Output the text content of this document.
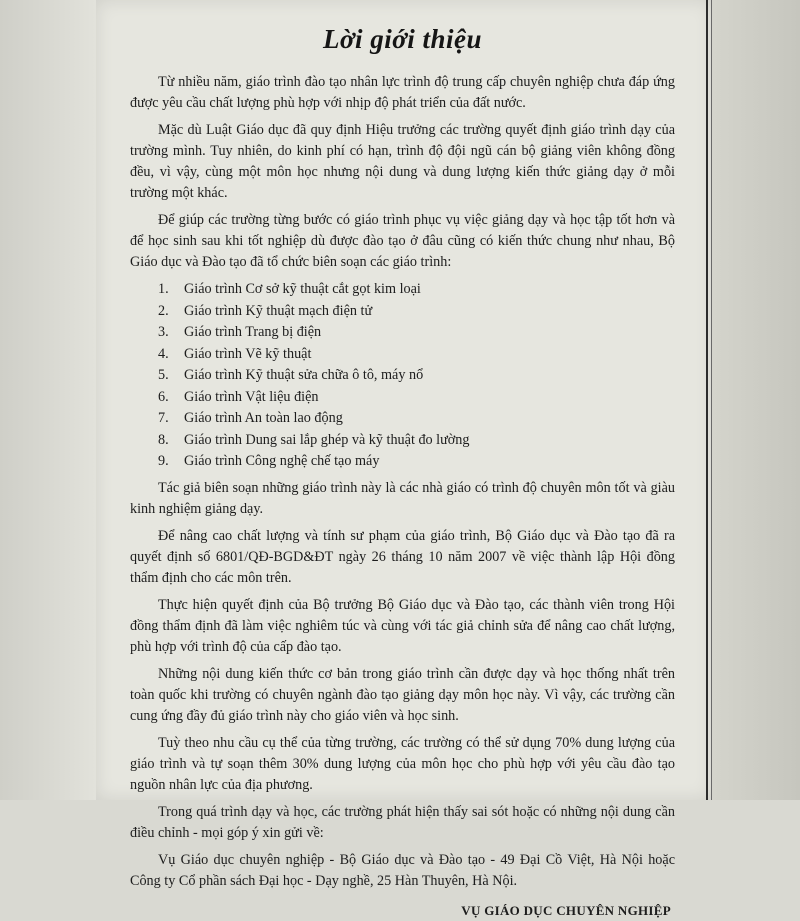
Lời giới thiệu

Từ nhiều năm, giáo trình đào tạo nhân lực trình độ trung cấp chuyên nghiệp chưa đáp ứng được yêu cầu chất lượng phù hợp với nhịp độ phát triển của đất nước.

Mặc dù Luật Giáo dục đã quy định Hiệu trưởng các trường quyết định giáo trình dạy của trường mình. Tuy nhiên, do kinh phí có hạn, trình độ đội ngũ cán bộ giảng viên không đồng đều, vì vậy, cùng một môn học nhưng nội dung và dung lượng kiến thức giảng dạy ở mỗi trường một khác.

Để giúp các trường từng bước có giáo trình phục vụ việc giảng dạy và học tập tốt hơn và để học sinh sau khi tốt nghiệp dù được đào tạo ở đâu cũng có kiến thức chung như nhau, Bộ Giáo dục và Đào tạo đã tổ chức biên soạn các giáo trình:

1. Giáo trình Cơ sở kỹ thuật cắt gọt kim loại
2. Giáo trình Kỹ thuật mạch điện tử
3. Giáo trình Trang bị điện
4. Giáo trình Vẽ kỹ thuật
5. Giáo trình Kỹ thuật sửa chữa ô tô, máy nổ
6. Giáo trình Vật liệu điện
7. Giáo trình An toàn lao động
8. Giáo trình Dung sai lắp ghép và kỹ thuật đo lường
9. Giáo trình Công nghệ chế tạo máy

Tác giả biên soạn những giáo trình này là các nhà giáo có trình độ chuyên môn tốt và giàu kinh nghiệm giảng dạy.

Để nâng cao chất lượng và tính sư phạm của giáo trình, Bộ Giáo dục và Đào tạo đã ra quyết định số 6801/QĐ-BGD&ĐT ngày 26 tháng 10 năm 2007 về việc thành lập Hội đồng thẩm định cho các môn trên.

Thực hiện quyết định của Bộ trưởng Bộ Giáo dục và Đào tạo, các thành viên trong Hội đồng thẩm định đã làm việc nghiêm túc và cùng với tác giả chỉnh sửa để nâng cao chất lượng, phù hợp với trình độ của cấp đào tạo.

Những nội dung kiến thức cơ bản trong giáo trình cần được dạy và học thống nhất trên toàn quốc khi trường có chuyên ngành đào tạo giảng dạy môn học này. Vì vậy, các trường cần cung ứng đầy đủ giáo trình này cho giáo viên và học sinh.

Tuỳ theo nhu cầu cụ thể của từng trường, các trường có thể sử dụng 70% dung lượng của giáo trình và tự soạn thêm 30% dung lượng của môn học cho phù hợp với yêu cầu đào tạo nguồn nhân lực của địa phương.

Trong quá trình dạy và học, các trường phát hiện thấy sai sót hoặc có những nội dung cần điều chỉnh - mọi góp ý xin gửi về:

Vụ Giáo dục chuyên nghiệp - Bộ Giáo dục và Đào tạo - 49 Đại Cồ Việt, Hà Nội hoặc Công ty Cổ phần sách Đại học - Dạy nghề, 25 Hàn Thuyên, Hà Nội.

VỤ GIÁO DỤC CHUYÊN NGHIỆP
